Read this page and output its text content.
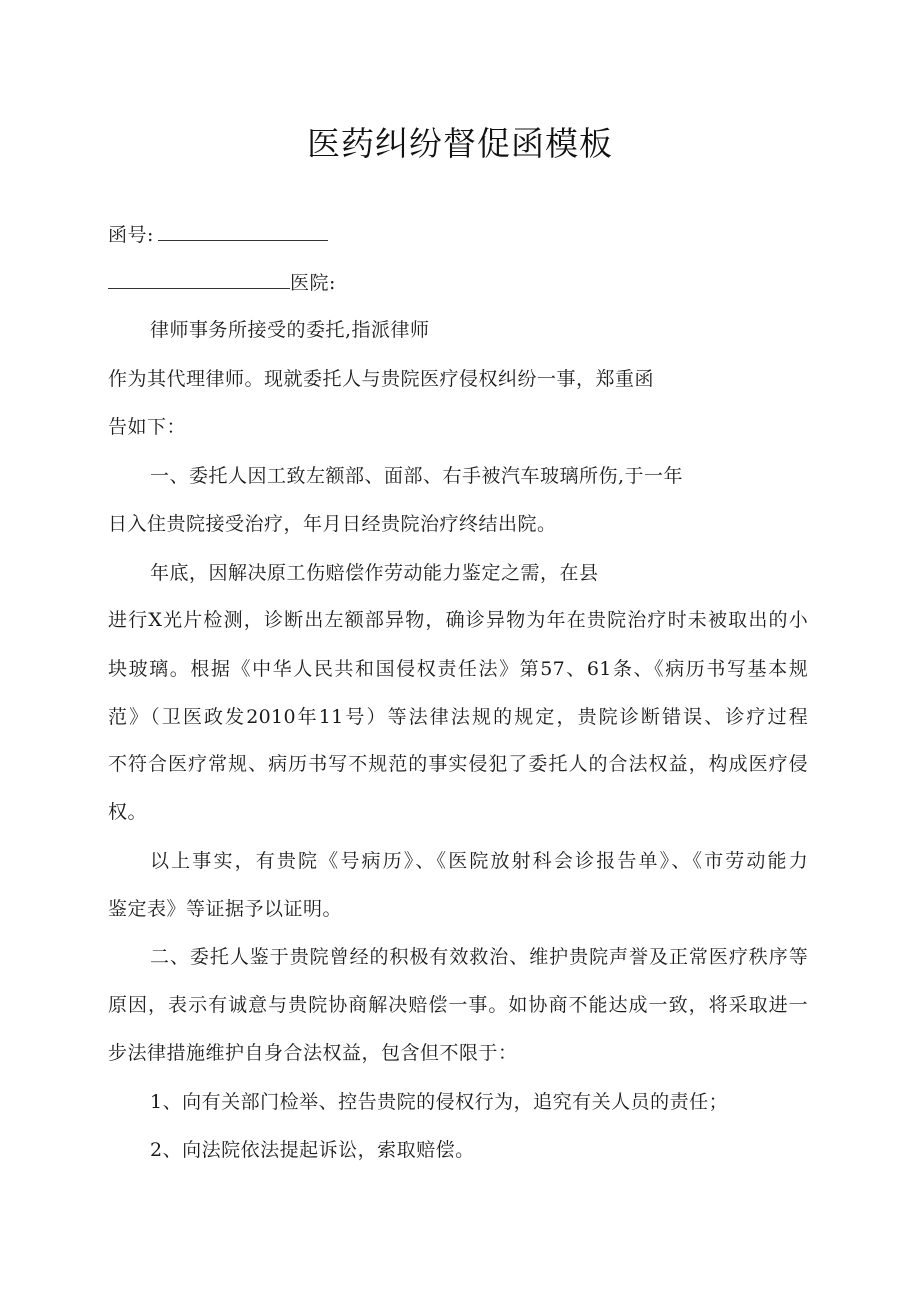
医药纠纷督促函模板
函号:
医院:
律师事务所接受的委托,指派律师
作为其代理律师。现就委托人与贵院医疗侵权纠纷一事，郑重函
告如下：
一、委托人因工致左额部、面部、右手被汽车玻璃所伤,于一年
日入住贵院接受治疗，年月日经贵院治疗终结出院。
年底，因解决原工伤赔偿作劳动能力鉴定之需，在县
进行X光片检测，诊断出左额部异物，确诊异物为年在贵院治疗时未被取出的小
块玻璃。根据《中华人民共和国侵权责任法》第57、61条、《病历书写基本规
范》（卫医政发2010年11号）等法律法规的规定，贵院诊断错误、诊疗过程
不符合医疗常规、病历书写不规范的事实侵犯了委托人的合法权益，构成医疗侵
权。
以上事实，有贵院《号病历》、《医院放射科会诊报告单》、《市劳动能力
鉴定表》等证据予以证明。
二、委托人鉴于贵院曾经的积极有效救治、维护贵院声誉及正常医疗秩序等
原因，表示有诚意与贵院协商解决赔偿一事。如协商不能达成一致，将采取进一
步法律措施维护自身合法权益，包含但不限于：
1、向有关部门检举、控告贵院的侵权行为，追究有关人员的责任；
2、向法院依法提起诉讼，索取赔偿。
